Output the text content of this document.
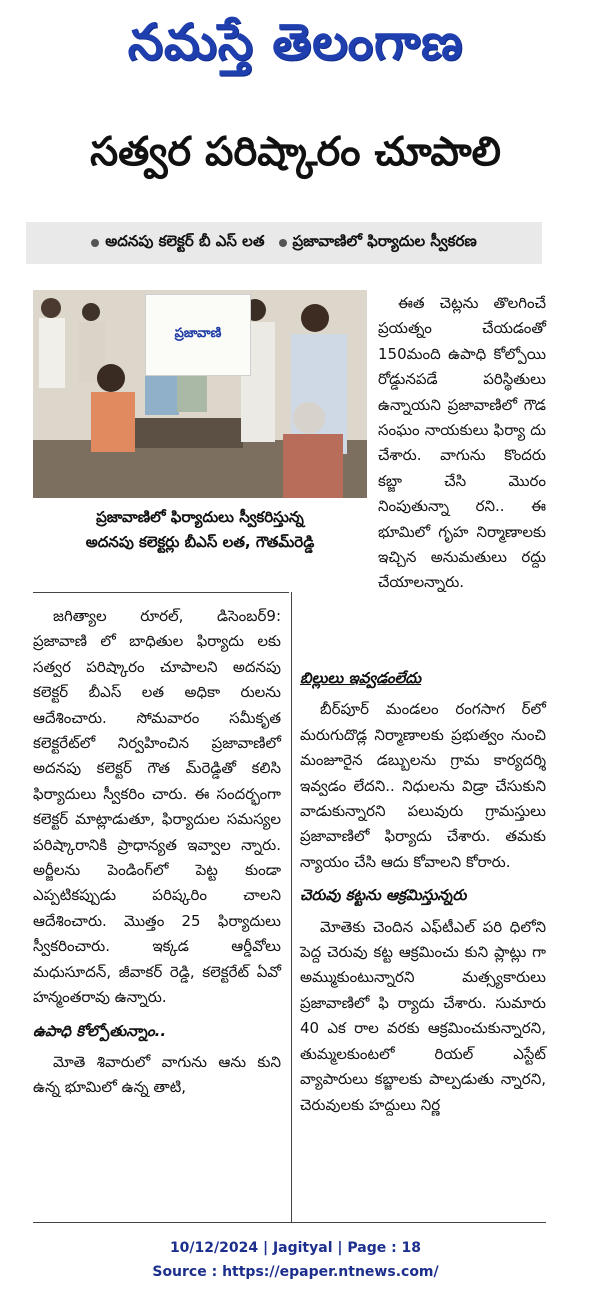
నమస్తే తెలంగాణ
సత్వర పరిష్కారం చూపాలి
అదనపు కలెక్టర్ బీ ఎస్ లత ప్రజావాణిలో ఫిర్యాదుల స్వీకరణ
ప్రజావాణి
ప్రజావాణిలో ఫిర్యాదులు స్వీకరిస్తున్న
అదనపు కలెక్టర్లు బీఎస్ లత, గౌతమ్‌రెడ్డి

ఈత చెట్లను తొలగించే ప్రయత్నం చేయడంతో 150మంది ఉపాధి కోల్పోయి రోడ్డునపడే పరిస్థితులు ఉన్నాయని ప్రజావాణిలో గౌడ సంఘం నాయకులు ఫిర్యా దు చేశారు. వాగును కొందరు కబ్జా చేసి మొరం నింపుతున్నా రని.. ఈ భూమిలో గృహ నిర్మాణాలకు ఇచ్చిన అనుమతులు రద్దు చేయాలన్నారు.

జగిత్యాల రూరల్, డిసెంబర్9: ప్రజావాణి లో బాధితుల ఫిర్యాదు లకు సత్వర పరిష్కారం చూపాలని అదనపు కలెక్టర్ బీఎస్ లత అధికా రులను ఆదేశించారు. సోమవారం సమీకృత కలెక్టరేట్‌లో నిర్వహించిన ప్రజావాణిలో అదనపు కలెక్టర్ గౌత మ్‌రెడ్డితో కలిసి ఫిర్యాదులు స్వీకరిం చారు. ఈ సందర్భంగా కలెక్టర్ మాట్లాడుతూ, ఫిర్యాదుల సమస్యల పరిష్కారానికి ప్రాధాన్యత ఇవ్వాల న్నారు. అర్జీలను పెండింగ్‌లో పెట్ట కుండా ఎప్పటికప్పుడు పరిష్కరిం చాలని ఆదేశించారు. మొత్తం 25 ఫిర్యాదులు స్వీకరించారు. ఇక్కడ ఆర్డీవోలు మధుసూదన్, జీవాకర్ రెడ్డి, కలెక్టరేట్ ఏవో హన్మంతరావు ఉన్నారు.

ఉపాధి కోల్పోతున్నాం..

మోతె శివారులో వాగును ఆను కుని ఉన్న భూమిలో ఉన్న తాటి,

బిల్లులు ఇవ్వడంలేదు

బీర్‌పూర్ మండలం రంగసాగ ర్‌లో మరుగుదొడ్ల నిర్మాణాలకు ప్రభుత్వం నుంచి మంజూరైన డబ్బులను గ్రామ కార్యదర్శి ఇవ్వడం లేదని.. నిధులను విడ్రా చేసుకుని వాడుకున్నారని పలువురు గ్రామస్తులు ప్రజావాణిలో ఫిర్యాదు చేశారు. తమకు న్యాయం చేసి ఆదు కోవాలని కోరారు.

చెరువు కట్టను ఆక్రమిస్తున్నరు

మోతెకు చెందిన ఎఫ్‌టీఎల్ పరి ధిలోని పెద్ద చెరువు కట్ట ఆక్రమించు కుని ప్లాట్లు గా అమ్ముకుంటున్నారని మత్స్యకారులు ప్రజావాణిలో ఫి ర్యాదు చేశారు. సుమారు 40 ఎక రాల వరకు ఆక్రమించుకున్నారని, తుమ్మలకుంటలో రియల్ ఎస్టేట్ వ్యాపారులు కబ్జాలకు పాల్పడుతు న్నారని, చెరువులకు హద్దులు నిర్ణ

10/12/2024 | Jagityal | Page : 18
Source : https://epaper.ntnews.com/
